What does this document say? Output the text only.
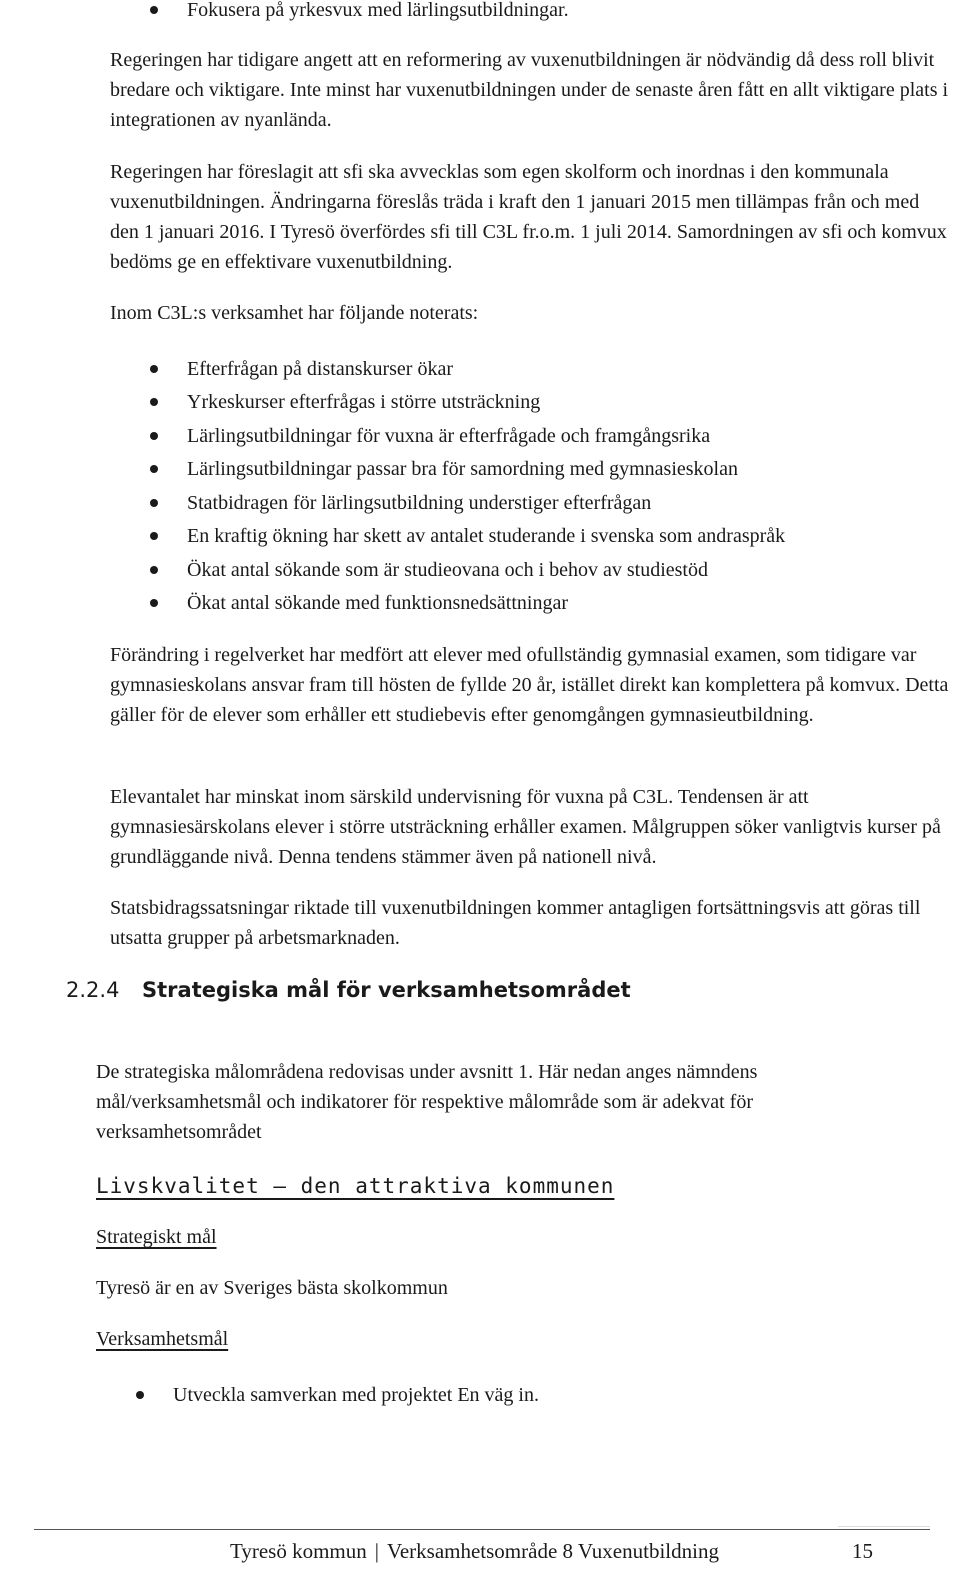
Fokusera på yrkesvux med lärlingsutbildningar.

Regeringen har tidigare angett att en reformering av vuxenutbildningen är nödvändig då dess roll blivit bredare och viktigare. Inte minst har vuxenutbildningen under de senaste åren fått en allt viktigare plats i integrationen av nyanlända.

Regeringen har föreslagit att sfi ska avvecklas som egen skolform och inordnas i den kommunala vuxenutbildningen. Ändringarna föreslås träda i kraft den 1 januari 2015 men tillämpas från och med den 1 januari 2016. I Tyresö överfördes sfi till C3L fr.o.m. 1 juli 2014. Samordningen av sfi och komvux bedöms ge en effektivare vuxenutbildning.

Inom C3L:s verksamhet har följande noterats:

Efterfrågan på distanskurser ökar
Yrkeskurser efterfrågas i större utsträckning
Lärlingsutbildningar för vuxna är efterfrågade och framgångsrika
Lärlingsutbildningar passar bra för samordning med gymnasieskolan
Statbidragen för lärlingsutbildning understiger efterfrågan
En kraftig ökning har skett av antalet studerande i svenska som andraspråk
Ökat antal sökande som är studieovana och i behov av studiestöd
Ökat antal sökande med funktionsnedsättningar

Förändring i regelverket har medfört att elever med ofullständig gymnasial examen, som tidigare var gymnasieskolans ansvar fram till hösten de fyllde 20 år, istället direkt kan komplettera på komvux. Detta gäller för de elever som erhåller ett studiebevis efter genomgången gymnasieutbildning.

Elevantalet har minskat inom särskild undervisning för vuxna på C3L. Tendensen är att gymnasiesärskolans elever i större utsträckning erhåller examen. Målgruppen söker vanligtvis kurser på grundläggande nivå. Denna tendens stämmer även på nationell nivå.

Statsbidragssatsningar riktade till vuxenutbildningen kommer antagligen fortsättningsvis att göras till utsatta grupper på arbetsmarknaden.

2.2.4 Strategiska mål för verksamhetsområdet

De strategiska målområdena redovisas under avsnitt 1. Här nedan anges nämndens mål/verksamhetsmål och indikatorer för respektive målområde som är adekvat för verksamhetsområdet

Livskvalitet – den attraktiva kommunen

Strategiskt mål

Tyresö är en av Sveriges bästa skolkommun

Verksamhetsmål

Utveckla samverkan med projektet En väg in.
Tyresö kommun | Verksamhetsområde 8 Vuxenutbildning	15
